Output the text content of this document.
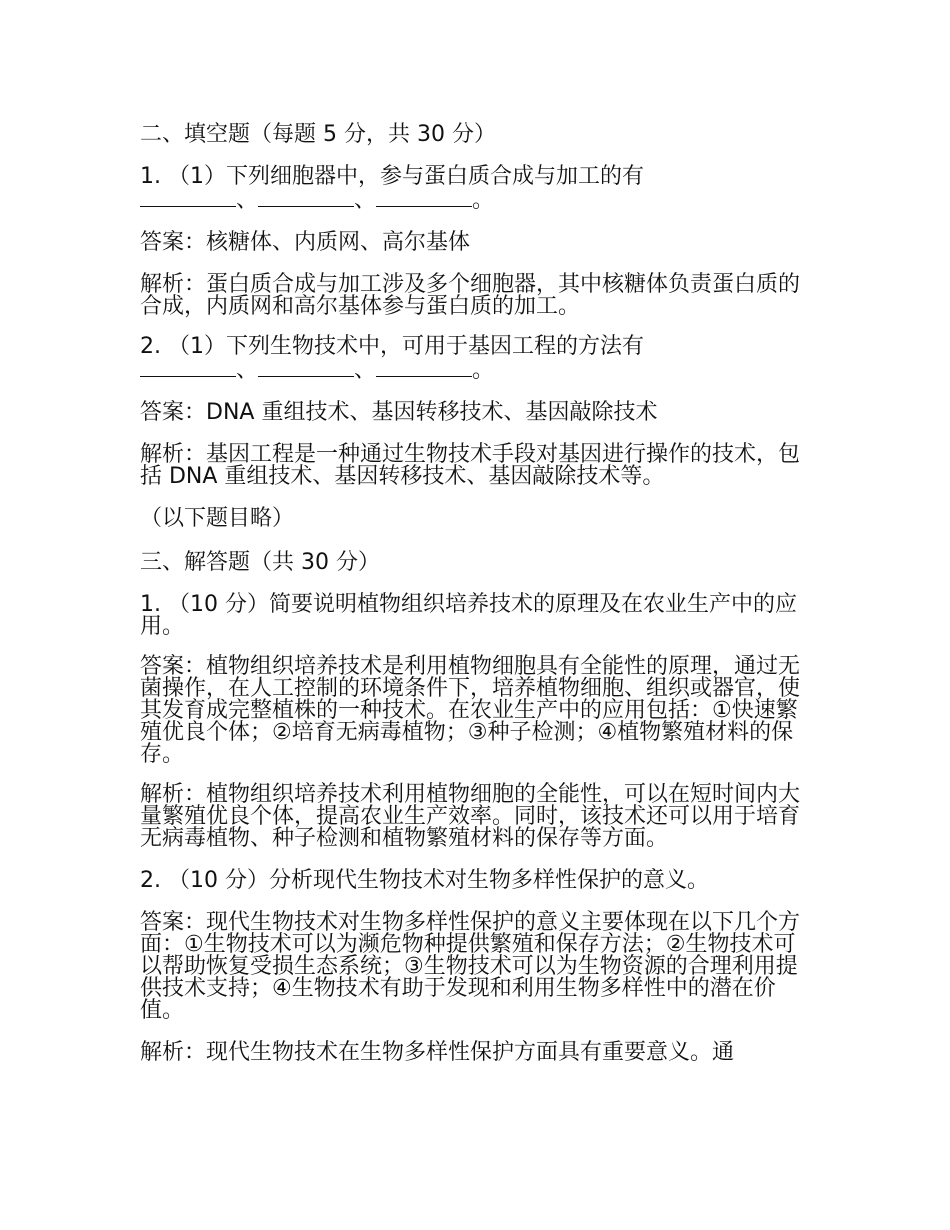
二、填空题（每题 5 分，共 30 分）

1. （1）下列细胞器中，参与蛋白质合成与加工的有
、	、	。

答案：核糖体、内质网、高尔基体

解析：蛋白质合成与加工涉及多个细胞器，其中核糖体负责蛋白质的合成，内质网和高尔基体参与蛋白质的加工。

2. （1）下列生物技术中，可用于基因工程的方法有
、	、	。

答案：DNA 重组技术、基因转移技术、基因敲除技术

解析：基因工程是一种通过生物技术手段对基因进行操作的技术，包括 DNA 重组技术、基因转移技术、基因敲除技术等。

（以下题目略）

三、解答题（共 30 分）

1. （10 分）简要说明植物组织培养技术的原理及在农业生产中的应用。

答案：植物组织培养技术是利用植物细胞具有全能性的原理，通过无菌操作，在人工控制的环境条件下，培养植物细胞、组织或器官，使其发育成完整植株的一种技术。在农业生产中的应用包括：①快速繁殖优良个体；②培育无病毒植物；③种子检测；④植物繁殖材料的保存。

解析：植物组织培养技术利用植物细胞的全能性，可以在短时间内大量繁殖优良个体，提高农业生产效率。同时，该技术还可以用于培育无病毒植物、种子检测和植物繁殖材料的保存等方面。

2. （10 分）分析现代生物技术对生物多样性保护的意义。

答案：现代生物技术对生物多样性保护的意义主要体现在以下几个方面：①生物技术可以为濒危物种提供繁殖和保存方法；②生物技术可以帮助恢复受损生态系统；③生物技术可以为生物资源的合理利用提供技术支持；④生物技术有助于发现和利用生物多样性中的潜在价值。

解析：现代生物技术在生物多样性保护方面具有重要意义。通
